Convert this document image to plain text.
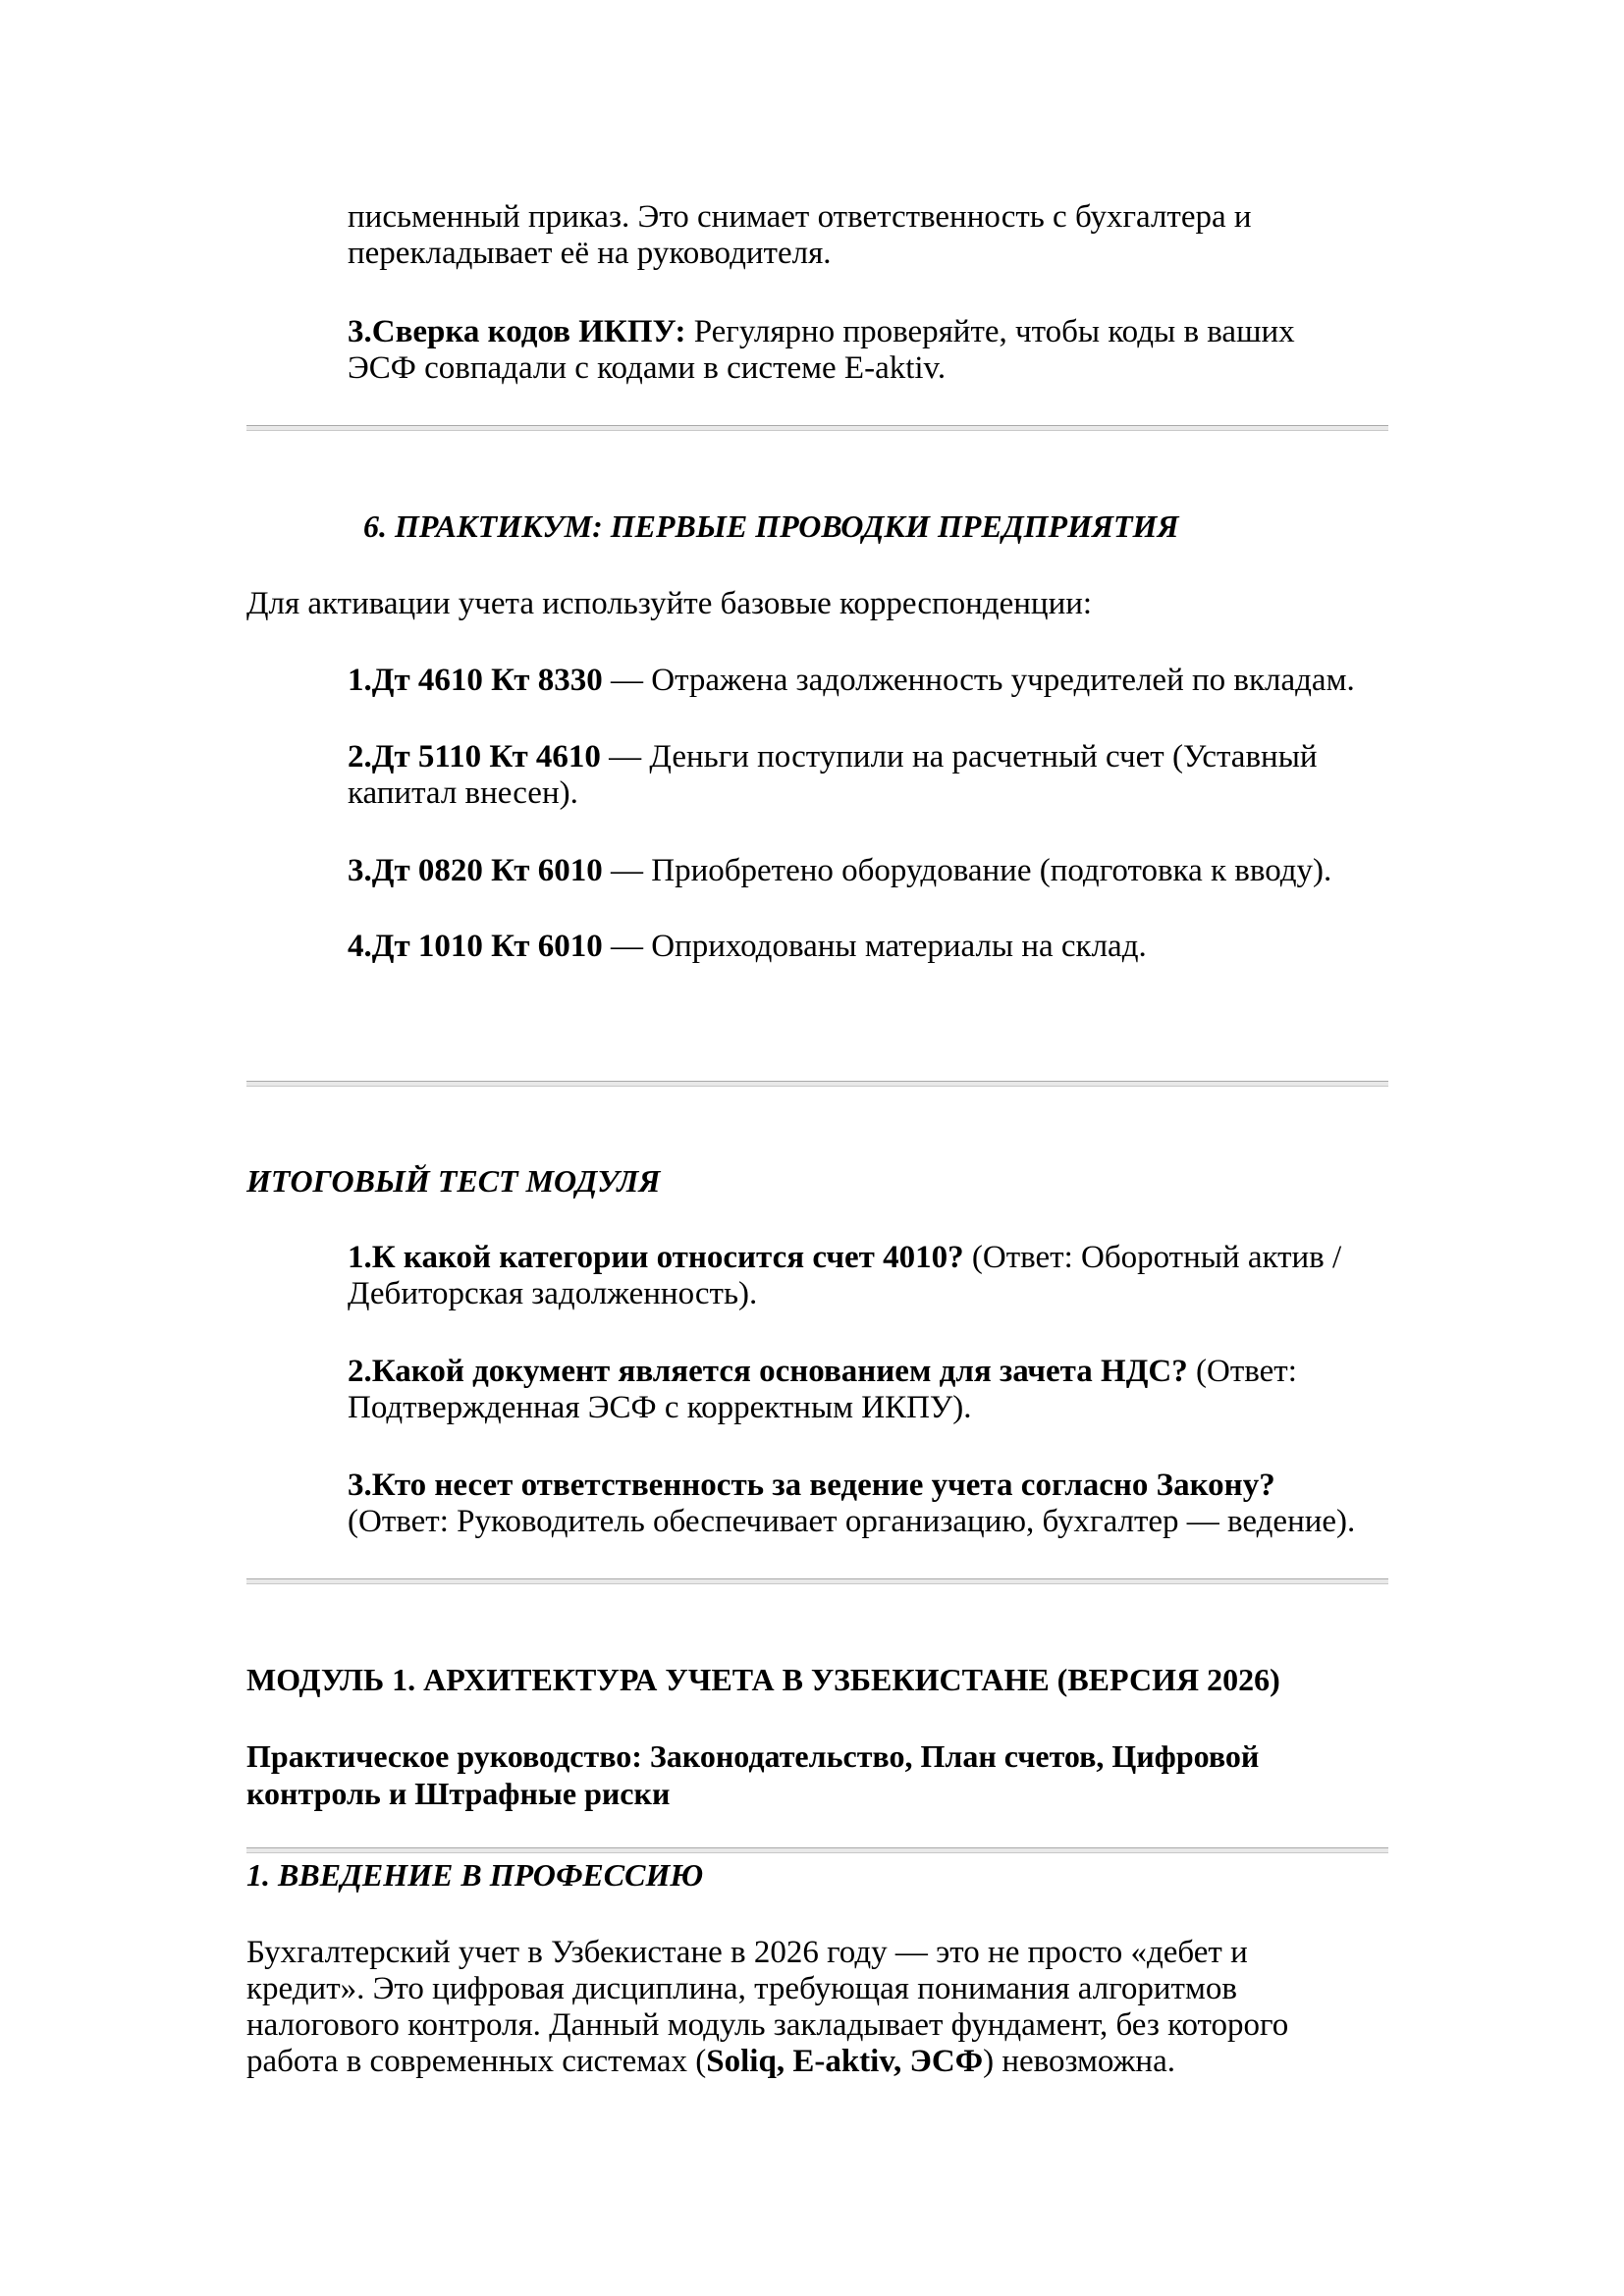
письменный приказ. Это снимает ответственность с бухгалтера и
перекладывает её на руководителя.
3.Сверка кодов ИКПУ: Регулярно проверяйте, чтобы коды в ваших
ЭСФ совпадали с кодами в системе E-aktiv.
6. ПРАКТИКУМ: ПЕРВЫЕ ПРОВОДКИ ПРЕДПРИЯТИЯ
Для активации учета используйте базовые корреспонденции:
1.Дт 4610 Кт 8330 — Отражена задолженность учредителей по вкладам.
2.Дт 5110 Кт 4610 — Деньги поступили на расчетный счет (Уставный
капитал внесен).
3.Дт 0820 Кт 6010 — Приобретено оборудование (подготовка к вводу).
4.Дт 1010 Кт 6010 — Оприходованы материалы на склад.
ИТОГОВЫЙ ТЕСТ МОДУЛЯ
1.К какой категории относится счет 4010? (Ответ: Оборотный актив /
Дебиторская задолженность).
2.Какой документ является основанием для зачета НДС? (Ответ:
Подтвержденная ЭСФ с корректным ИКПУ).
3.Кто несет ответственность за ведение учета согласно Закону?
(Ответ: Руководитель обеспечивает организацию, бухгалтер — ведение).
МОДУЛЬ 1. АРХИТЕКТУРА УЧЕТА В УЗБЕКИСТАНЕ (ВЕРСИЯ 2026)
Практическое руководство: Законодательство, План счетов, Цифровой
контроль и Штрафные риски
1. ВВЕДЕНИЕ В ПРОФЕССИЮ
Бухгалтерский учет в Узбекистане в 2026 году — это не просто «дебет и
кредит». Это цифровая дисциплина, требующая понимания алгоритмов
налогового контроля. Данный модуль закладывает фундамент, без которого
работа в современных системах (Soliq, E-aktiv, ЭСФ) невозможна.
